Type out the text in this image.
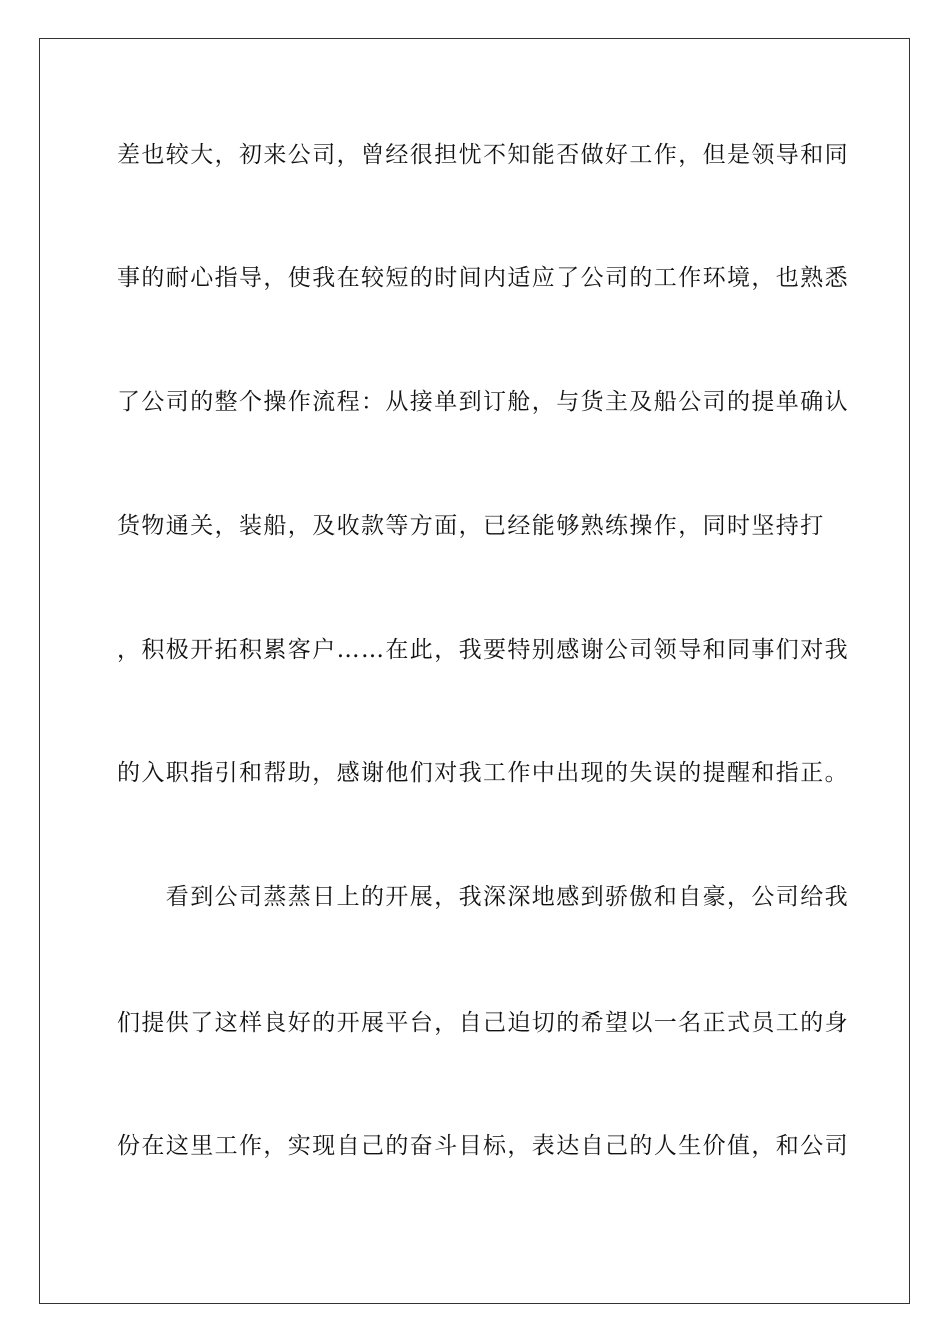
差也较大，初来公司，曾经很担忧不知能否做好工作，但是领导和同
事的耐心指导，使我在较短的时间内适应了公司的工作环境，也熟悉
了公司的整个操作流程：从接单到订舱，与货主及船公司的提单确认
货物通关，装船，及收款等方面，已经能够熟练操作，同时坚持打
，积极开拓积累客户……在此，我要特别感谢公司领导和同事们对我
的入职指引和帮助，感谢他们对我工作中出现的失误的提醒和指正。
　　看到公司蒸蒸日上的开展，我深深地感到骄傲和自豪，公司给我
们提供了这样良好的开展平台，自己迫切的希望以一名正式员工的身
份在这里工作，实现自己的奋斗目标，表达自己的人生价值，和公司
